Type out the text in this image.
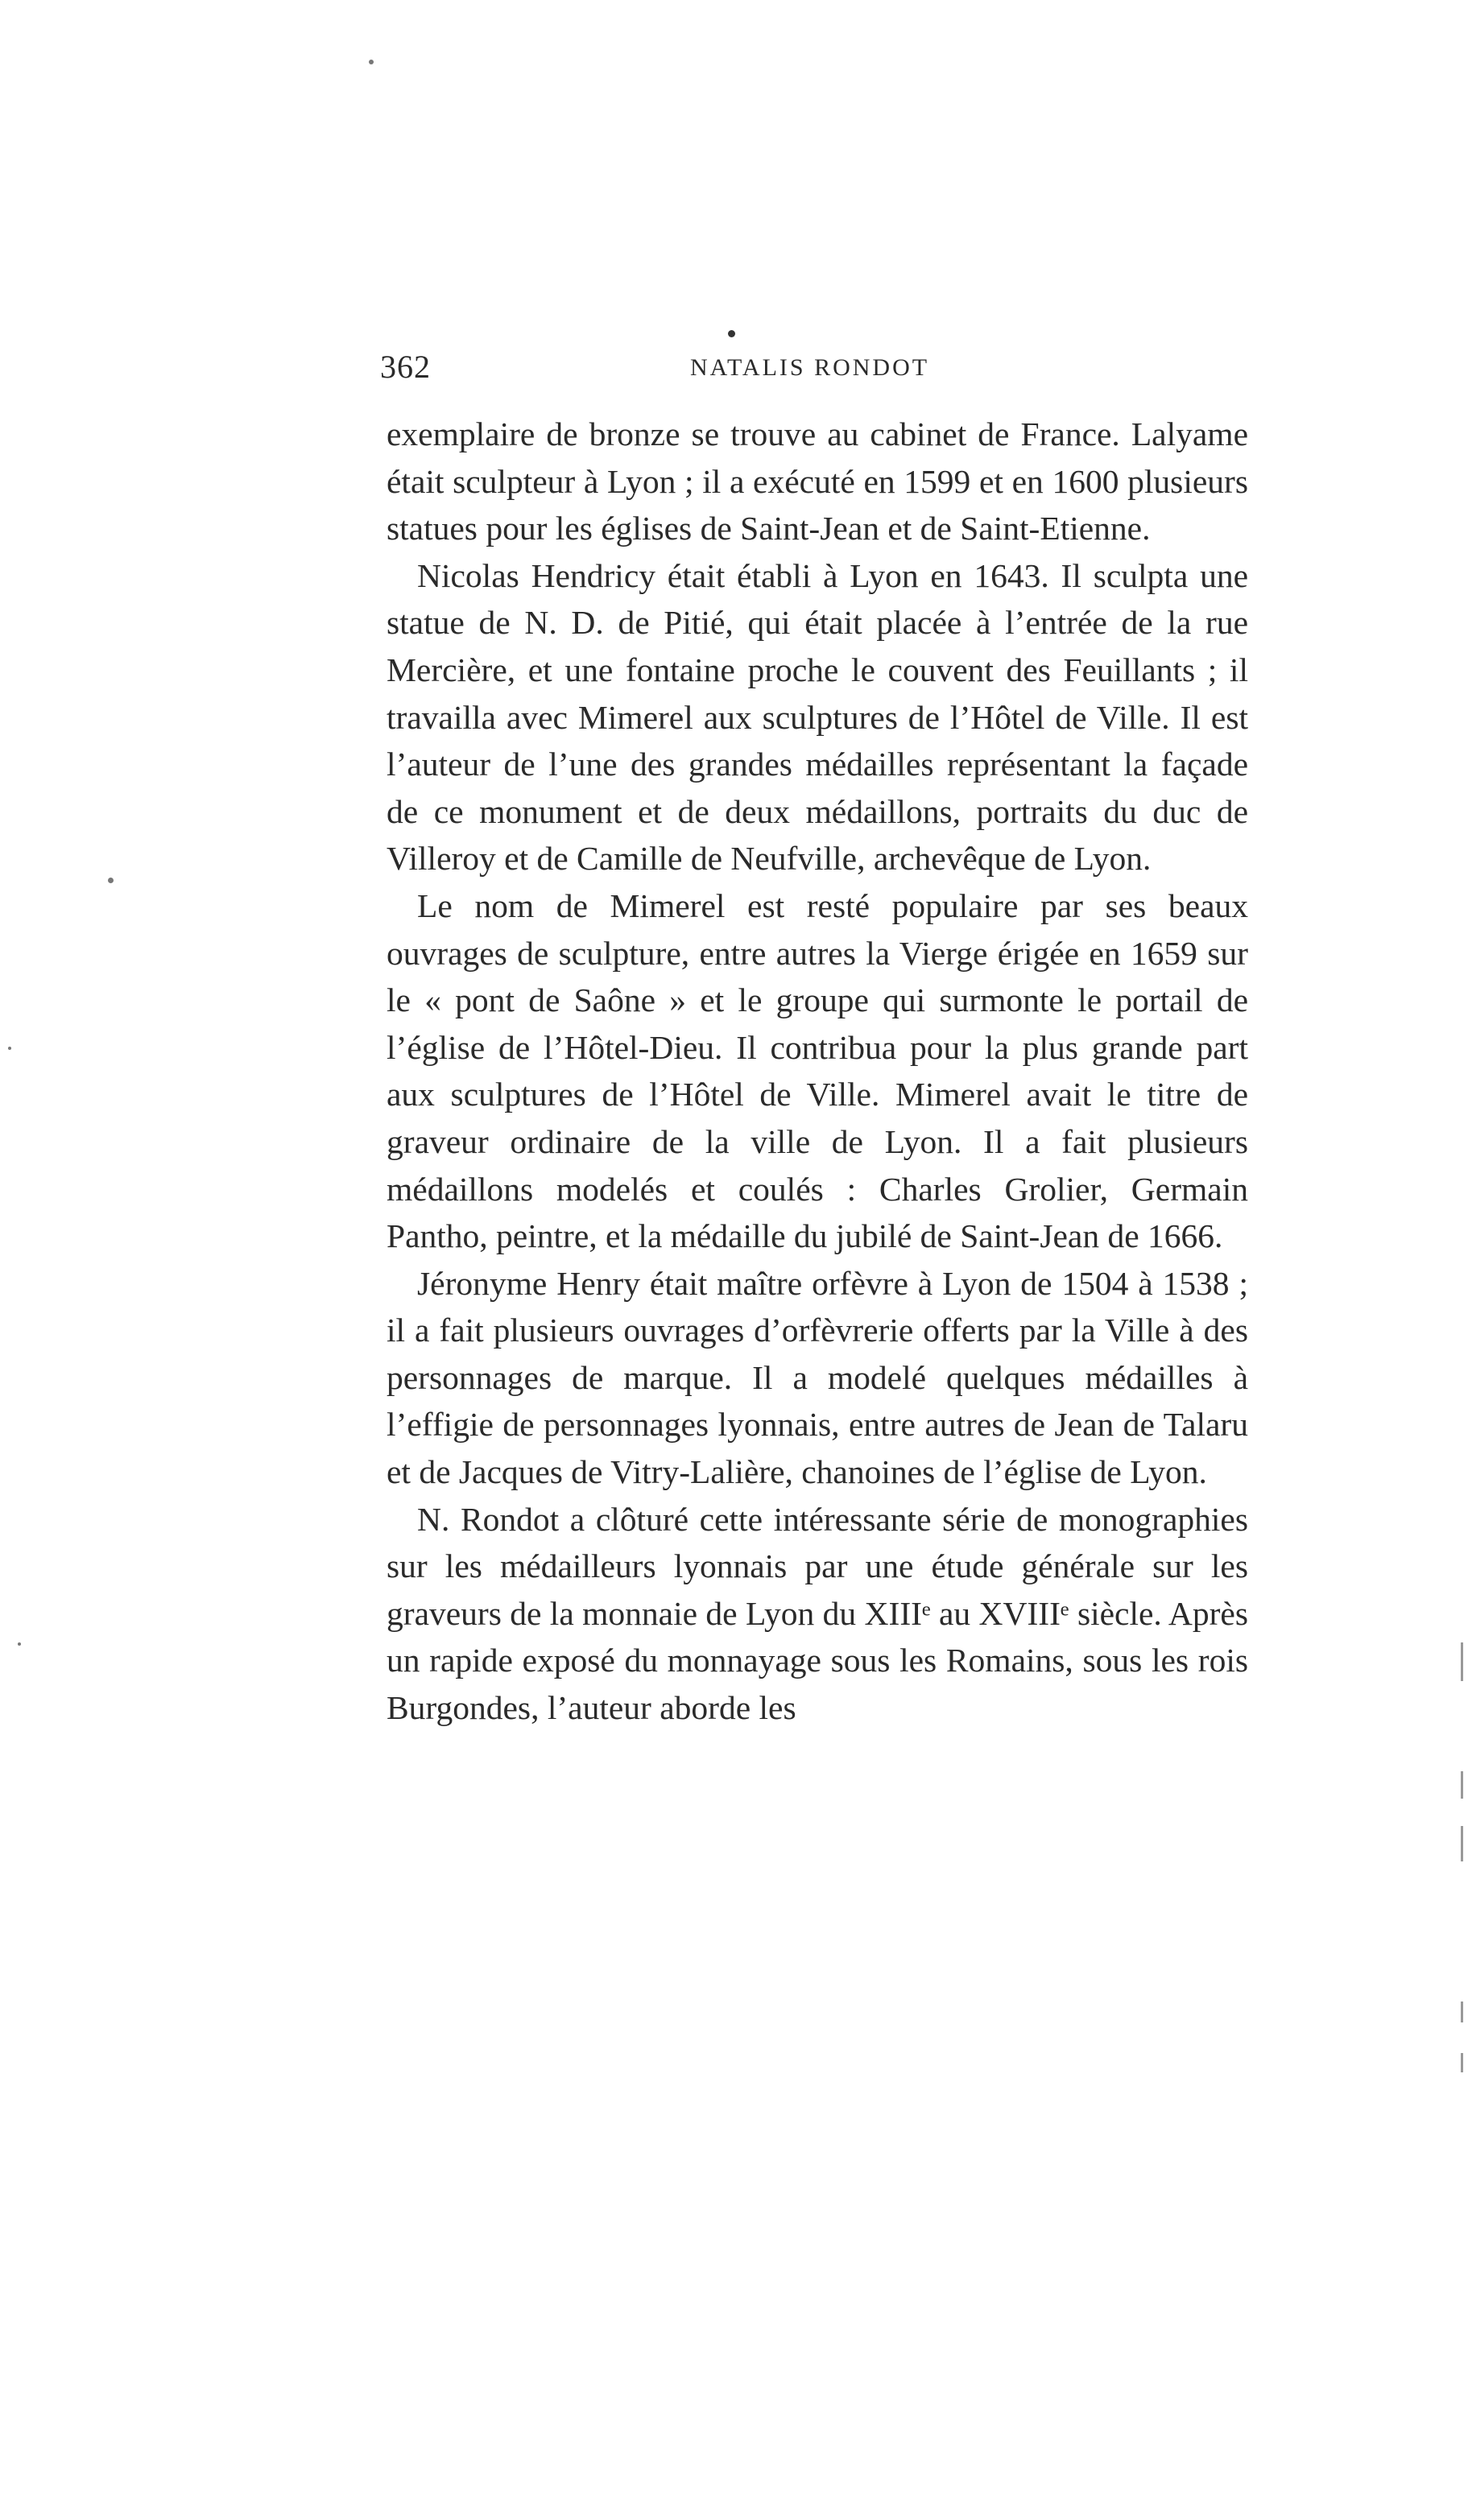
362	NATALIS RONDOT

exemplaire de bronze se trouve au cabinet de France. Lalyame était sculpteur à Lyon ; il a exécuté en 1599 et en 1600 plusieurs statues pour les églises de Saint-Jean et de Saint-Etienne.

Nicolas Hendricy était établi à Lyon en 1643. Il sculpta une statue de N. D. de Pitié, qui était placée à l’entrée de la rue Mercière, et une fontaine proche le couvent des Feuillants ; il travailla avec Mimerel aux sculptures de l’Hôtel de Ville. Il est l’auteur de l’une des grandes médailles représentant la façade de ce monument et de deux médaillons, portraits du duc de Villeroy et de Camille de Neufville, archevêque de Lyon.

Le nom de Mimerel est resté populaire par ses beaux ouvrages de sculpture, entre autres la Vierge érigée en 1659 sur le « pont de Saône » et le groupe qui surmonte le portail de l’église de l’Hôtel-Dieu. Il contribua pour la plus grande part aux sculptures de l’Hôtel de Ville. Mimerel avait le titre de graveur ordinaire de la ville de Lyon. Il a fait plusieurs médaillons modelés et coulés : Charles Grolier, Germain Pantho, peintre, et la médaille du jubilé de Saint-Jean de 1666.

Jéronyme Henry était maître orfèvre à Lyon de 1504 à 1538 ; il a fait plusieurs ouvrages d’orfèvrerie offerts par la Ville à des personnages de marque. Il a modelé quelques médailles à l’effigie de personnages lyonnais, entre autres de Jean de Talaru et de Jacques de Vitry-Lalière, chanoines de l’église de Lyon.

N. Rondot a clôturé cette intéressante série de monographies sur les médailleurs lyonnais par une étude générale sur les graveurs de la monnaie de Lyon du XIIIᵉ au XVIIIᵉ siècle. Après un rapide exposé du monnayage sous les Romains, sous les rois Burgondes, l’auteur aborde les
